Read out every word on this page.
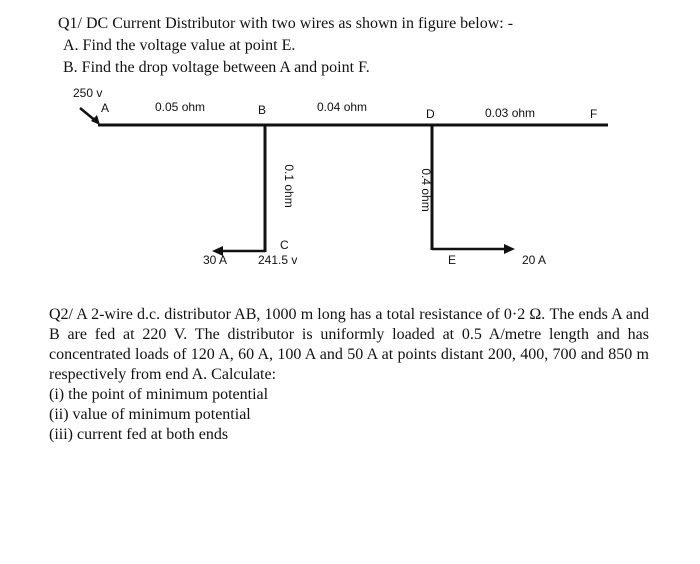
Q1/ DC Current Distributor with two wires as shown in figure below: -
A. Find the voltage value at point E.
B. Find the drop voltage between A and point F.
250 v
A	B	D	F
0.05 ohm	0.04 ohm	0.03 ohm
0.1 ohm
30 A
C
241.5 v
0.4 ohm
E	20 A

Q2/ A 2-wire d.c. distributor AB, 1000 m long has a total resistance of 0·2 Ω. The ends A and B are fed at 220 V. The distributor is uniformly loaded at 0.5 A/metre length and has concentrated loads of 120 A, 60 A, 100 A and 50 A at points distant 200, 400, 700 and 850 m respectively from end A. Calculate:

(i) the point of minimum potential
(ii) value of minimum potential
(iii) current fed at both ends
